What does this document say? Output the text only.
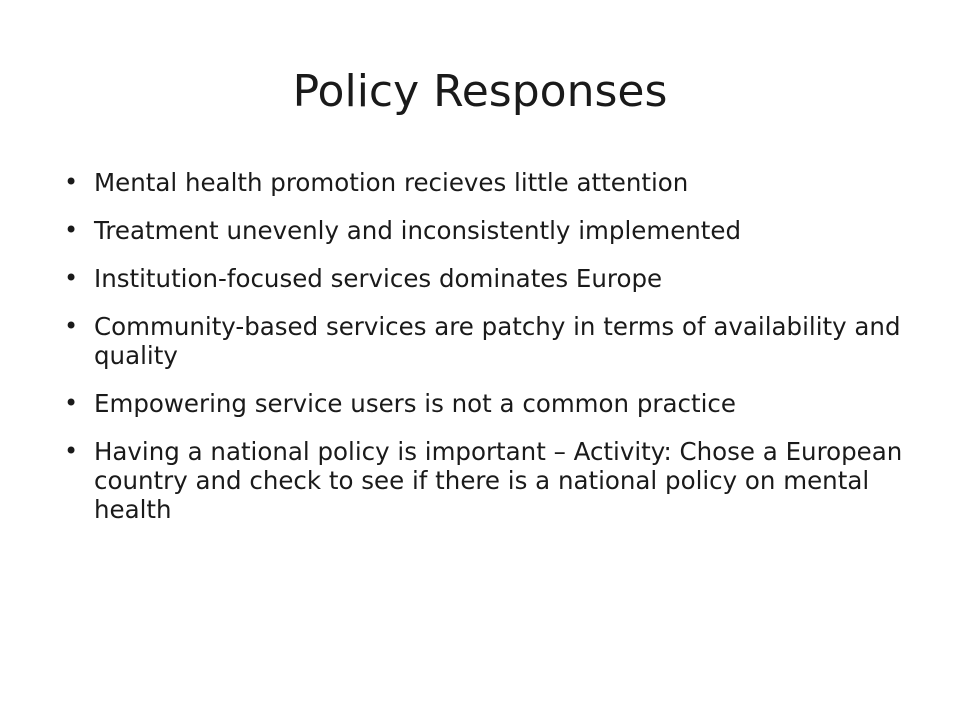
Policy Responses
• Mental health promotion recieves little attention
• Treatment unevenly and inconsistently implemented
• Institution-focused services dominates Europe
• Community-based services are patchy in terms of availability and quality
• Empowering service users is not a common practice
• Having a national policy is important – Activity: Chose a European country and check to see if there is a national policy on mental health
